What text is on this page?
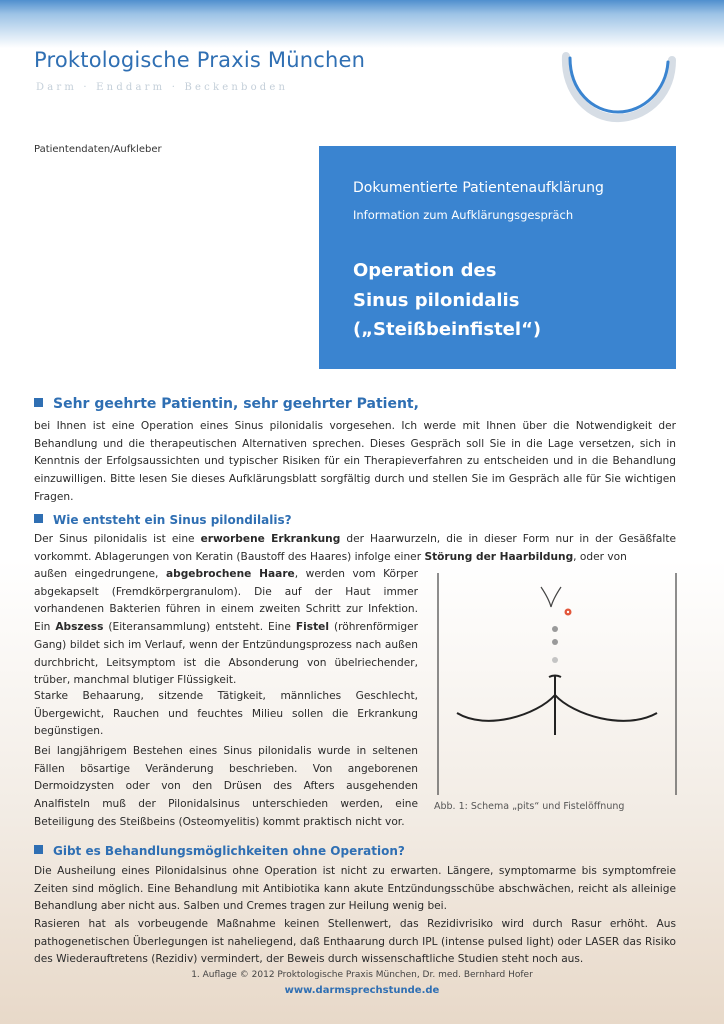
Proktologische Praxis München
Darm · Enddarm · Beckenboden
Patientendaten/Aufkleber
Dokumentierte Patientenaufklärung
Information zum Aufklärungsgespräch
Operation des
Sinus pilonidalis
(„Steißbeinfistel“)
Sehr geehrte Patientin, sehr geehrter Patient,

bei Ihnen ist eine Operation eines Sinus pilonidalis vorgesehen. Ich werde mit Ihnen über die Notwendigkeit der Behandlung und die therapeutischen Alternativen sprechen. Dieses Gespräch soll Sie in die Lage versetzen, sich in Kenntnis der Erfolgsaussichten und typischer Risiken für ein Therapieverfahren zu entscheiden und in die Behandlung einzuwilligen. Bitte lesen Sie dieses Aufklärungsblatt sorgfältig durch und stellen Sie im Gespräch alle für Sie wichtigen Fragen.

Wie entsteht ein Sinus pilondilalis?

Der Sinus pilonidalis ist eine erworbene Erkrankung der Haarwurzeln, die in dieser Form nur in der Gesäßfalte vorkommt. Ablagerungen von Keratin (Baustoff des Haares) infolge einer Störung der Haarbildung, oder von

außen eingedrungene, abgebrochene Haare, werden vom Körper abgekapselt (Fremdkörpergranulom). Die auf der Haut immer vorhandenen Bakterien führen in einem zweiten Schritt zur Infektion. Ein Abszess (Eiteransammlung) entsteht. Eine Fistel (röhrenförmiger Gang) bildet sich im Verlauf, wenn der Entzündungsprozess nach außen durchbricht, Leitsymptom ist die Absonderung von übelriechender, trüber, manchmal blutiger Flüssigkeit.

Starke Behaarung, sitzende Tätigkeit, männliches Geschlecht, Übergewicht, Rauchen und feuchtes Milieu sollen die Erkrankung begünstigen.

Bei langjährigem Bestehen eines Sinus pilonidalis wurde in seltenen Fällen bösartige Veränderung beschrieben. Von angeborenen Dermoidzysten oder von den Drüsen des Afters ausgehenden Analfisteln muß der Pilonidalsinus unterschieden werden, eine Beteiligung des Steißbeins (Osteomyelitis) kommt praktisch nicht vor.

Abb. 1: Schema „pits“ und Fistelöffnung
Gibt es Behandlungsmöglichkeiten ohne Operation?

Die Ausheilung eines Pilonidalsinus ohne Operation ist nicht zu erwarten. Längere, symptomarme bis symptomfreie Zeiten sind möglich. Eine Behandlung mit Antibiotika kann akute Entzündungsschübe abschwächen, reicht als alleinige Behandlung aber nicht aus. Salben und Cremes tragen zur Heilung wenig bei.

Rasieren hat als vorbeugende Maßnahme keinen Stellenwert, das Rezidivrisiko wird durch Rasur erhöht. Aus pathogenetischen Überlegungen ist naheliegend, daß Enthaarung durch IPL (intense pulsed light) oder LASER das Risiko des Wiederauftretens (Rezidiv) vermindert, der Beweis durch wissenschaftliche Studien steht noch aus.

1. Auflage © 2012 Proktologische Praxis München, Dr. med. Bernhard Hofer
www.darmsprechstunde.de
